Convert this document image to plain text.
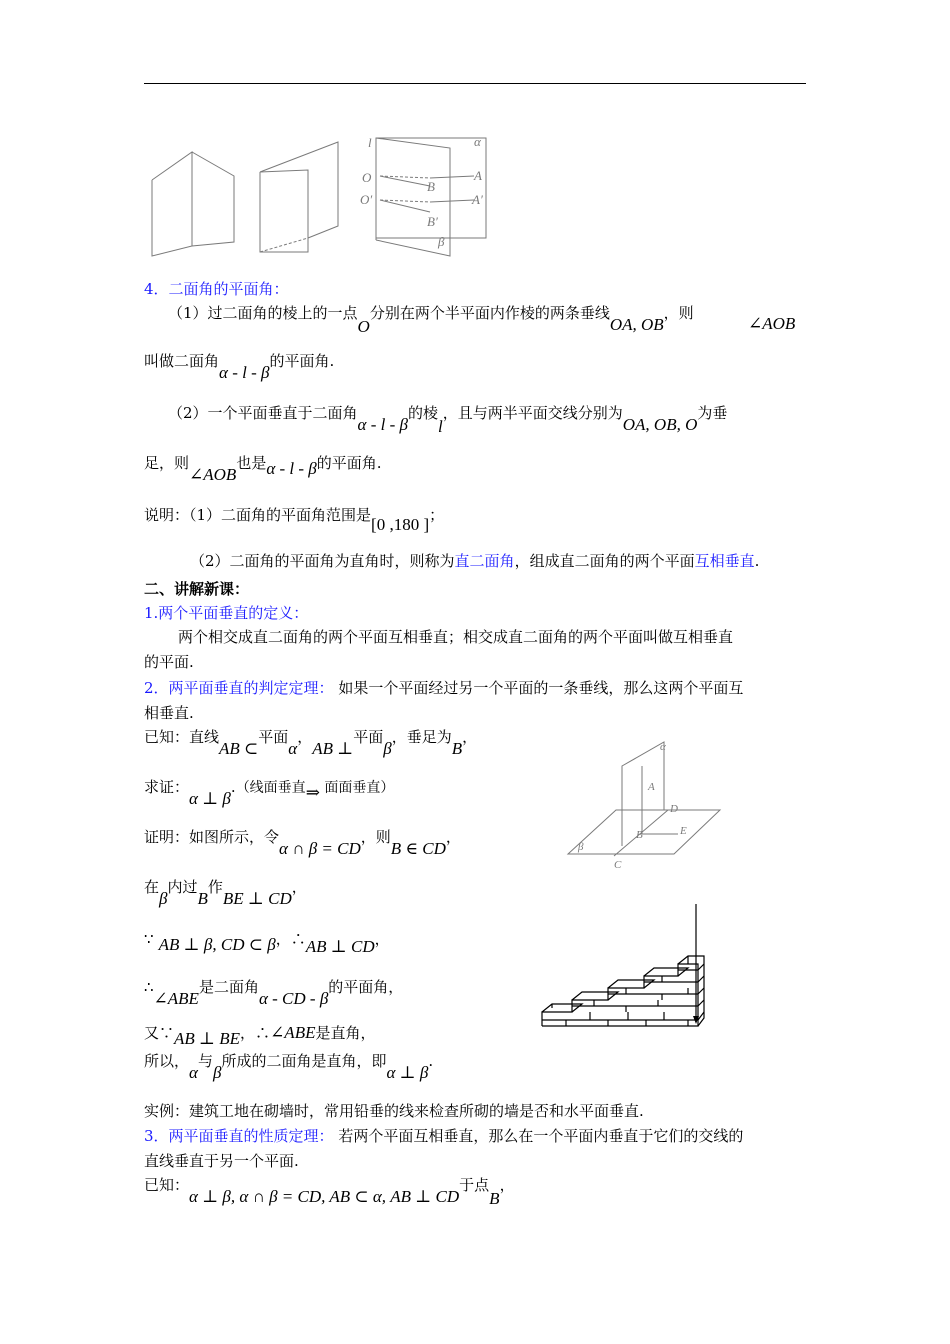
l	α
O	A
B
O′	A′
B′
β
4．二面角的平面角：
（1）过二面角的棱上的一点O分别在两个半平面内作棱的两条垂线OA, OB，则
∠AOB
叫做二面角α - l - β的平面角.
（2）一个平面垂直于二面角α - l - β的棱l，且与两半平面交线分别为OA, OB, O为垂
足，则∠AOB也是α - l - β的平面角.
说明：（1）二面角的平面角范围是[0 ,180 ]；
（2）二面角的平面角为直角时，则称为直二面角，组成直二面角的两个平面互相垂直.
二、讲解新课：
1.两个平面垂直的定义：
两个相交成直二面角的两个平面互相垂直；相交成直二面角的两个平面叫做互相垂直
的平面.
2．两平面垂直的判定定理： 如果一个平面经过另一个平面的一条垂线，那么这两个平面互
相垂直.
已知：直线AB ⊂平面α，AB ⊥平面β，垂足为B，
求证：α ⊥ β.（线面垂直⇒ 面面垂直）
证明：如图所示，令α ∩ β = CD，则B ∈ CD，
在β内过B作BE ⊥ CD，
∵ AB ⊥ β, CD ⊂ β，∴AB ⊥ CD，
∴∠ABE是二面角α - CD - β的平面角，
又∵AB ⊥ BE，∴∠ABE是直角，
所以，α与β所成的二面角是直角，即α ⊥ β.
实例：建筑工地在砌墙时，常用铅垂的线来检查所砌的墙是否和水平面垂直.
3．两平面垂直的性质定理： 若两个平面互相垂直，那么在一个平面内垂直于它们的交线的
直线垂直于另一个平面.
已知：α ⊥ β, α ∩ β = CD, AB ⊂ α, AB ⊥ CD于点B，
α
A
D
B	E
β
C
